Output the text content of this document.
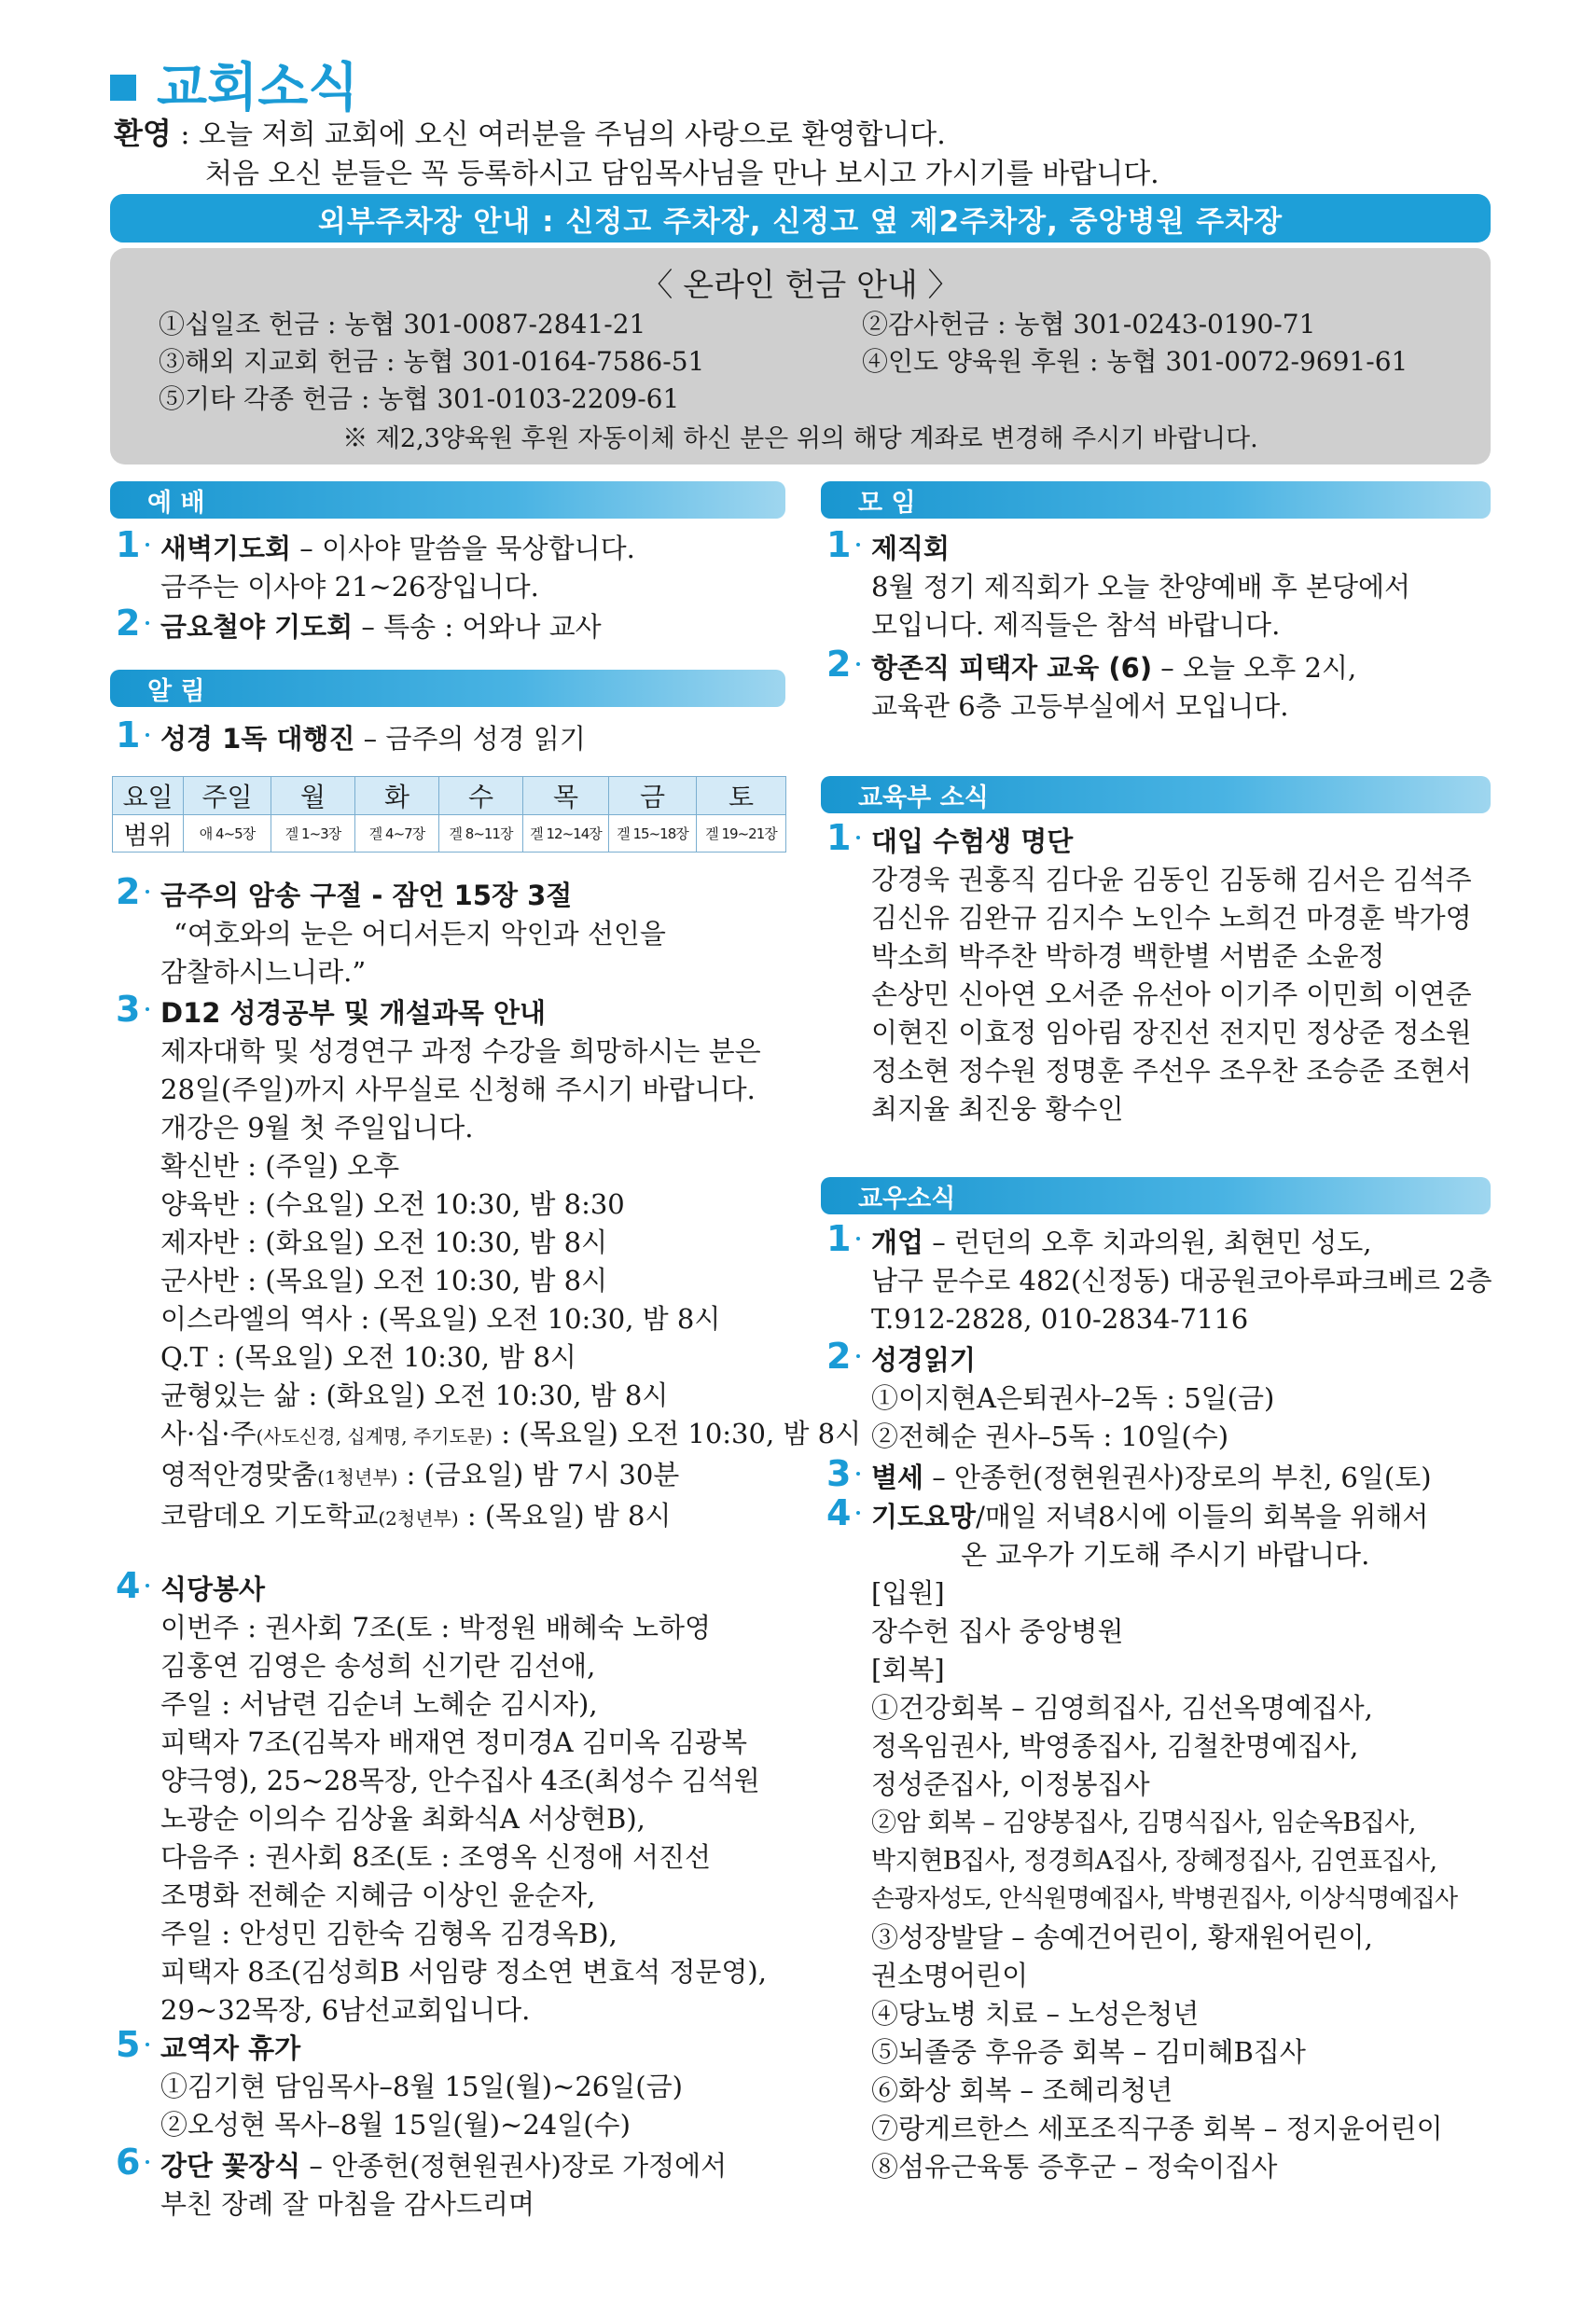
교회소식
환영 : 오늘 저희 교회에 오신 여러분을 주님의 사랑으로 환영합니다.
처음 오신 분들은 꼭 등록하시고 담임목사님을 만나 보시고 가시기를 바랍니다.
외부주차장 안내 : 신정고 주차장, 신정고 옆 제2주차장, 중앙병원 주차장
〈 온라인 헌금 안내 〉
①십일조 헌금 : 농협 301-0087-2841-21	②감사헌금 : 농협 301-0243-0190-71
③해외 지교회 헌금 : 농협 301-0164-7586-51	④인도 양육원 후원 : 농협 301-0072-9691-61
⑤기타 각종 헌금 : 농협 301-0103-2209-61
※ 제2,3양육원 후원 자동이체 하신 분은 위의 해당 계좌로 변경해 주시기 바랍니다.
예 배
1 새벽기도회 – 이사야 말씀을 묵상합니다.
금주는 이사야 21~26장입니다.
2 금요철야 기도회 – 특송 : 어와나 교사
알 림
1 성경 1독 대행진 – 금주의 성경 읽기
요일	주일	월	화	수	목	금	토
범위	애 4~5장	겔 1~3장	겔 4~7장	겔 8~11장	겔 12~14장	겔 15~18장	겔 19~21장
2 금주의 암송 구절 - 잠언 15장 3절
“여호와의 눈은 어디서든지 악인과 선인을
감찰하시느니라.”
3 D12 성경공부 및 개설과목 안내
제자대학 및 성경연구 과정 수강을 희망하시는 분은
28일(주일)까지 사무실로 신청해 주시기 바랍니다.
개강은 9월 첫 주일입니다.
확신반 : (주일) 오후
양육반 : (수요일) 오전 10:30, 밤 8:30
제자반 : (화요일) 오전 10:30, 밤 8시
군사반 : (목요일) 오전 10:30, 밤 8시
이스라엘의 역사 : (목요일) 오전 10:30, 밤 8시
Q.T : (목요일) 오전 10:30, 밤 8시
균형있는 삶 : (화요일) 오전 10:30, 밤 8시
사·십·주(사도신경, 십계명, 주기도문) : (목요일) 오전 10:30, 밤 8시
영적안경맞춤(1청년부) : (금요일) 밤 7시 30분
코람데오 기도학교(2청년부) : (목요일) 밤 8시
4 식당봉사
이번주 : 권사회 7조(토 : 박정원 배혜숙 노하영
김홍연 김영은 송성희 신기란 김선애,
주일 : 서남련 김순녀 노혜순 김시자),
피택자 7조(김복자 배재연 정미경A 김미옥 김광복
양극영), 25~28목장, 안수집사 4조(최성수 김석원
노광순 이의수 김상율 최화식A 서상현B),
다음주 : 권사회 8조(토 : 조영옥 신정애 서진선
조명화 전혜순 지혜금 이상인 윤순자,
주일 : 안성민 김한숙 김형옥 김경옥B),
피택자 8조(김성희B 서임량 정소연 변효석 정문영),
29~32목장, 6남선교회입니다.
5 교역자 휴가
①김기현 담임목사–8월 15일(월)~26일(금)
②오성현 목사–8월 15일(월)~24일(수)
6 강단 꽃장식 – 안종헌(정현원권사)장로 가정에서
부친 장례 잘 마침을 감사드리며
모 임
1 제직회
8월 정기 제직회가 오늘 찬양예배 후 본당에서
모입니다. 제직들은 참석 바랍니다.
2 항존직 피택자 교육 (6) – 오늘 오후 2시,
교육관 6층 고등부실에서 모입니다.
교육부 소식
1 대입 수험생 명단
강경욱 권홍직 김다윤 김동인 김동해 김서은 김석주
김신유 김완규 김지수 노인수 노희건 마경훈 박가영
박소희 박주찬 박하경 백한별 서범준 소윤정
손상민 신아연 오서준 유선아 이기주 이민희 이연준
이현진 이효정 임아림 장진선 전지민 정상준 정소원
정소현 정수원 정명훈 주선우 조우찬 조승준 조현서
최지율 최진웅 황수인
교우소식
1 개업 – 런던의 오후 치과의원, 최현민 성도,
남구 문수로 482(신정동) 대공원코아루파크베르 2층
T.912-2828, 010-2834-7116
2 성경읽기
①이지현A은퇴권사–2독 : 5일(금)
②전혜순 권사–5독 : 10일(수)
3 별세 – 안종헌(정현원권사)장로의 부친, 6일(토)
4 기도요망/매일 저녁8시에 이들의 회복을 위해서
온 교우가 기도해 주시기 바랍니다.
[입원]
장수헌 집사 중앙병원
[회복]
①건강회복 – 김영희집사, 김선옥명예집사,
정옥임권사, 박영종집사, 김철찬명예집사,
정성준집사, 이정봉집사
②암 회복 – 김양봉집사, 김명식집사, 임순옥B집사,
박지현B집사, 정경희A집사, 장혜정집사, 김연표집사,
손광자성도, 안식원명예집사, 박병권집사, 이상식명예집사
③성장발달 – 송예건어린이, 황재원어린이,
권소명어린이
④당뇨병 치료 – 노성은청년
⑤뇌졸중 후유증 회복 – 김미혜B집사
⑥화상 회복 – 조혜리청년
⑦랑게르한스 세포조직구종 회복 – 정지윤어린이
⑧섬유근육통 증후군 – 정숙이집사
